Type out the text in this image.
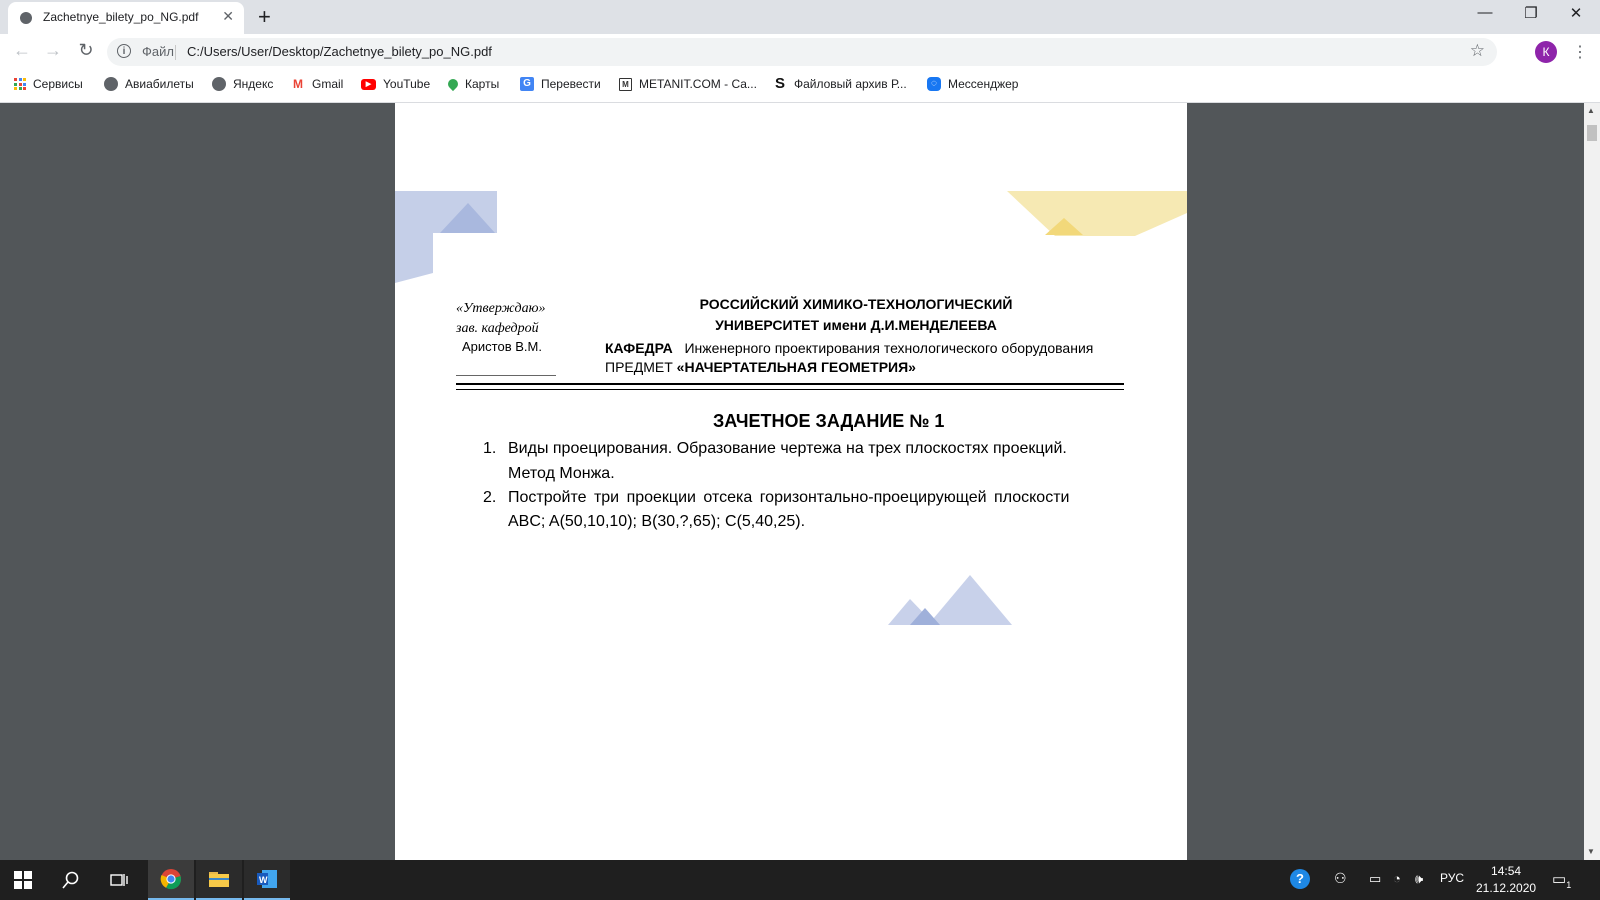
Zachetnye_bilety_po_NG.pdf ✕ +	—	❐	✕
← → ↻	i	Файл C:/Users/User/Desktop/Zachetnye_bilety_po_NG.pdf	☆	К	⋮
Сервисы	Авиабилеты	Яндекс M Gmail	▶ YouTube	Карты	G Перевести	M METANIT.COM - Са... S Файловый архив Р...	◌ Мессенджер
«Утверждаю»
зав. кафедрой
Аристов В.М.
РОССИЙСКИЙ ХИМИКО-ТЕХНОЛОГИЧЕСКИЙ
УНИВЕРСИТЕТ имени Д.И.МЕНДЕЛЕЕВА
КАФЕДРА Инженерного проектирования технологического оборудования
ПРЕДМЕТ «НАЧЕРТАТЕЛЬНАЯ ГЕОМЕТРИЯ»
ЗАЧЕТНОЕ ЗАДАНИЕ № 1
1. Виды проецирования. Образование чертежа на трех плоскостях проекций.
Метод Монжа.
2. Постройте три проекции отсека горизонтально-проецирующей плоскости
ABC; A(50,10,10); B(30,?,65); C(5,40,25).
▲
▼
W	?	⚇ ▭ ◔ 🕪 РУС	14:54
21.12.2020 $▭_1$
